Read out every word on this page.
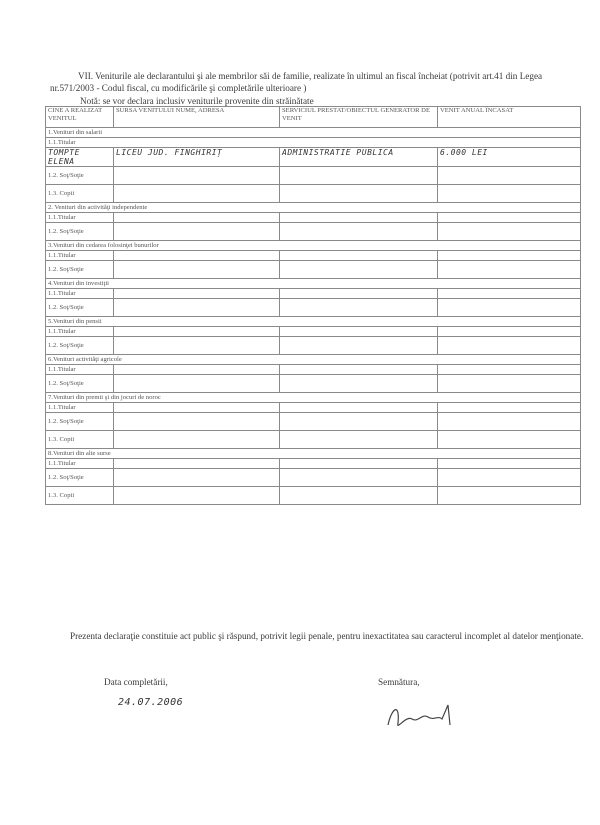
VII. Veniturile ale declarantului şi ale membrilor săi de familie, realizate în ultimul an fiscal încheiat (potrivit art.41 din Legea nr.571/2003 - Codul fiscal, cu modificările şi completările ulterioare )
Notă: se vor declara inclusiv veniturile provenite din străinătate
CINE A REALIZAT VENITUL	SURSA VENITULUI NUME, ADRESA	SERVICIUL PRESTAT/OBIECTUL GENERATOR DE VENIT	VENIT ANUAL ÎNCASAT
1.Venituri din salarii			
1.1.Titular			
TOMPTE ELENA	LICEU JUD. FINGHIRIȚ	ADMINISTRATIE PUBLICA	6.000 LEI
1.2. Soţ/Soţie			
1.3. Copii			
2. Venituri din activităţi independente			
1.1.Titular			
1.2. Soţ/Soţie			
3.Venituri din cedarea folosinţei bunurilor			
1.1.Titular			
1.2. Soţ/Soţie			
4.Venituri din investiţii			
1.1.Titular			
1.2. Soţ/Soţie			
5.Venituri din pensii			
1.1.Titular			
1.2. Soţ/Soţie			
6.Venituri activităţi agricole			
1.1.Titular			
1.2. Soţ/Soţie			
7.Venituri din premii şi din jocuri de noroc			
1.1.Titular			
1.2. Soţ/Soţie			
1.3. Copii			
8.Venituri din alte surse			
1.1.Titular			
1.2. Soţ/Soţie			
1.3. Copii			
Prezenta declaraţie constituie act public şi răspund, potrivit legii penale, pentru inexactitatea sau caracterul incomplet al datelor menţionate.
Data completării,
24.07.2006
Semnătura,
